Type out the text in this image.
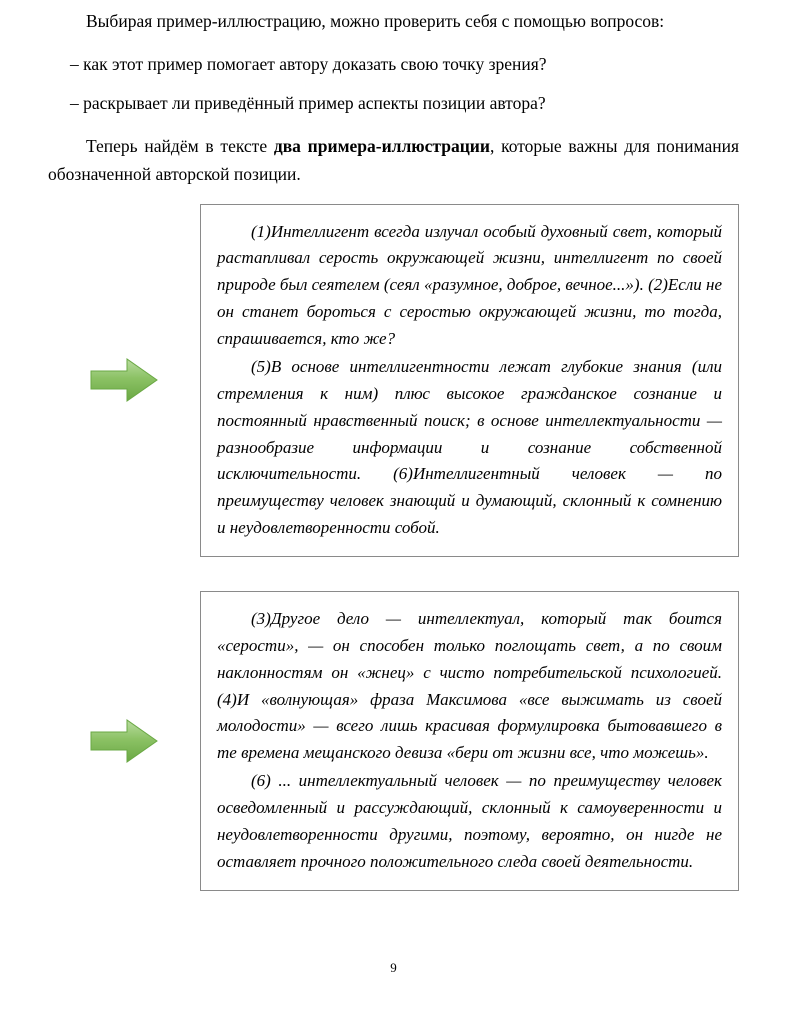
Выбирая пример-иллюстрацию, можно проверить себя с помощью вопросов:

– как этот пример помогает автору доказать свою точку зрения?

– раскрывает ли приведённый пример аспекты позиции автора?

Теперь найдём в тексте два примера-иллюстрации, которые важны для понимания обозначенной авторской позиции.

(1)Интеллигент всегда излучал особый духовный свет, который растапливал серость окружающей жизни, интеллигент по своей природе был сеятелем (сеял «разумное, доброе, вечное...»). (2)Если не он станет бороться с серостью окружающей жизни, то тогда, спрашивается, кто же?

(5)В основе интеллигентности лежат глубокие знания (или стремления к ним) плюс высокое гражданское сознание и постоянный нравственный поиск; в основе интеллектуальности — разнообразие информации и сознание собственной исключительности. (6)Интеллигентный человек — по преимуществу человек знающий и думающий, склонный к сомнению и неудовлетворенности собой.

(3)Другое дело — интеллектуал, который так боится «серости», — он способен только поглощать свет, а по своим наклонностям он «жнец» с чисто потребительской психологией. (4)И «волнующая» фраза Максимова «все выжимать из своей молодости» — всего лишь красивая формулировка бытовавшего в те времена мещанского девиза «бери от жизни все, что можешь».

(6) ... интеллектуальный человек — по преимуществу человек осведомленный и рассуждающий, склонный к самоуверенности и неудовлетворенности другими, поэтому, вероятно, он нигде не оставляет прочного положительного следа своей деятельности.

9
